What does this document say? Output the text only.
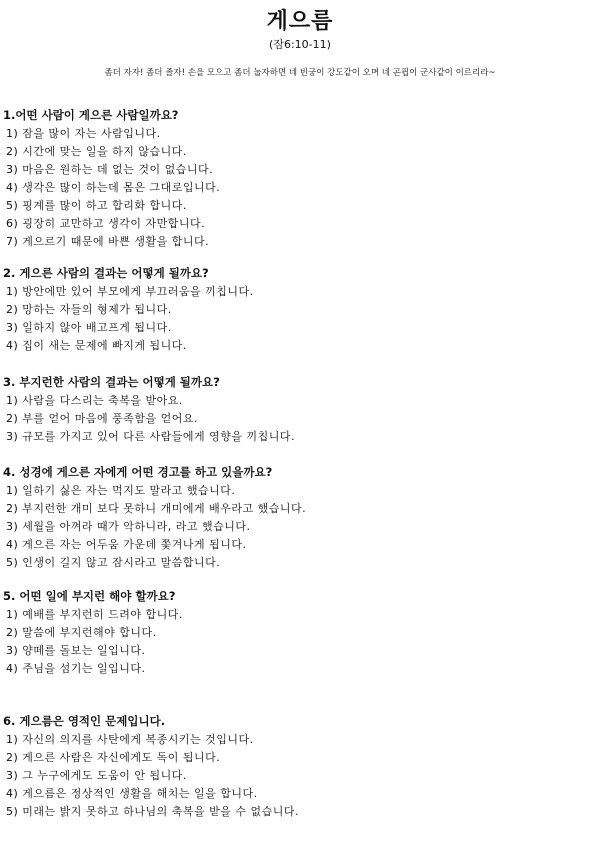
게으름
(잠6:10-11)
좀더 자자! 좀더 졸자! 손을 모으고 좀더 눕자하면 네 빈궁이 강도같이 오며 네 곤핍이 군사같이 이르리라~
1.어떤 사람이 게으른 사람일까요?
1) 잠을 많이 자는 사람입니다.
2) 시간에 맞는 일을 하지 않습니다.
3) 마음은 원하는 데 없는 것이 없습니다.
4) 생각은 많이 하는데 몸은 그대로입니다.
5) 핑계를 많이 하고 합리화 합니다.
6) 굉장히 교만하고 생각이 자만합니다.
7) 게으르기 때문에 바쁜 생활을 합니다.
2. 게으른 사람의 결과는 어떻게 될까요?
1) 방안에만 있어 부모에게 부끄러움을 끼칩니다.
2) 망하는 자들의 형제가 됩니다.
3) 일하지 않아 배고프게 됩니다.
4) 집이 새는 문제에 빠지게 됩니다.
3. 부지런한 사람의 결과는 어떻게 될까요?
1) 사람을 다스리는 축복을 받아요.
2) 부를 얻어 마음에 풍족함을 얻어요.
3) 규모를 가지고 있어 다른 사람들에게 영향을 끼칩니다.
4. 성경에 게으른 자에게 어떤 경고를 하고 있을까요?
1) 일하기 싫은 자는 먹지도 말라고 했습니다.
2) 부지런한 개미 보다 못하니 개미에게 배우라고 했습니다.
3) 세월을 아껴라 때가 악하니라, 라고 했습니다.
4) 게으른 자는 어두움 가운데 쫓겨나게 됩니다.
5) 인생이 길지 않고 잠시라고 말씀합니다.
5. 어떤 일에 부지런 해야 할까요?
1) 예배를 부지런히 드려야 합니다.
2) 말씀에 부지런해야 합니다.
3) 양떼를 돌보는 일입니다.
4) 주님을 섬기는 일입니다.
6. 게으름은 영적인 문제입니다.
1) 자신의 의지를 사탄에게 복종시키는 것입니다.
2) 게으른 사람은 자신에게도 독이 됩니다.
3) 그 누구에게도 도움이 안 됩니다.
4) 게으름은 정상적인 생활을 해치는 일을 합니다.
5) 미래는 밝지 못하고 하나님의 축복을 받을 수 없습니다.
